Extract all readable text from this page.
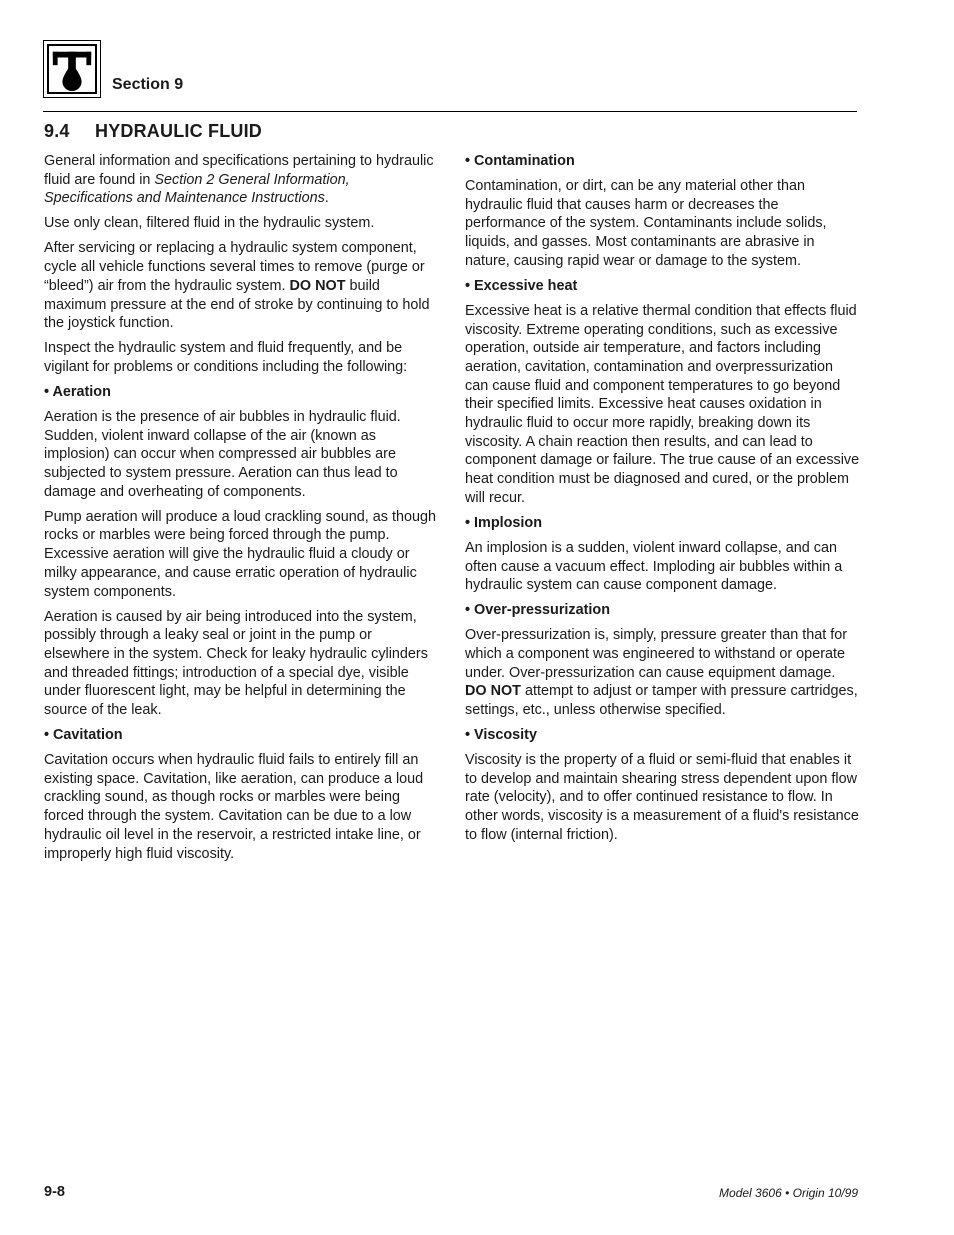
Section 9
9.4 HYDRAULIC FLUID

General information and specifications pertaining to hydraulic fluid are found in Section 2 General Information, Specifications and Maintenance Instructions.

Use only clean, filtered fluid in the hydraulic system.

After servicing or replacing a hydraulic system component, cycle all vehicle functions several times to remove (purge or “bleed”) air from the hydraulic system. DO NOT build maximum pressure at the end of stroke by continuing to hold the joystick function.

Inspect the hydraulic system and fluid frequently, and be vigilant for problems or conditions including the following:

• Aeration

Aeration is the presence of air bubbles in hydraulic fluid. Sudden, violent inward collapse of the air (known as implosion) can occur when compressed air bubbles are subjected to system pressure. Aeration can thus lead to damage and overheating of components.

Pump aeration will produce a loud crackling sound, as though rocks or marbles were being forced through the pump. Excessive aeration will give the hydraulic fluid a cloudy or milky appearance, and cause erratic operation of hydraulic system components.

Aeration is caused by air being introduced into the system, possibly through a leaky seal or joint in the pump or elsewhere in the system. Check for leaky hydraulic cylinders and threaded fittings; introduction of a special dye, visible under fluorescent light, may be helpful in determining the source of the leak.

• Cavitation

Cavitation occurs when hydraulic fluid fails to entirely fill an existing space. Cavitation, like aeration, can produce a loud crackling sound, as though rocks or marbles were being forced through the system. Cavitation can be due to a low hydraulic oil level in the reservoir, a restricted intake line, or improperly high fluid viscosity.

• Contamination

Contamination, or dirt, can be any material other than hydraulic fluid that causes harm or decreases the performance of the system. Contaminants include solids, liquids, and gasses. Most contaminants are abrasive in nature, causing rapid wear or damage to the system.

• Excessive heat

Excessive heat is a relative thermal condition that effects fluid viscosity. Extreme operating conditions, such as excessive operation, outside air temperature, and factors including aeration, cavitation, contamination and overpressurization can cause fluid and component temperatures to go beyond their specified limits. Excessive heat causes oxidation in hydraulic fluid to occur more rapidly, breaking down its viscosity. A chain reaction then results, and can lead to component damage or failure. The true cause of an excessive heat condition must be diagnosed and cured, or the problem will recur.

• Implosion

An implosion is a sudden, violent inward collapse, and can often cause a vacuum effect. Imploding air bubbles within a hydraulic system can cause component damage.

• Over-pressurization

Over-pressurization is, simply, pressure greater than that for which a component was engineered to withstand or operate under. Over-pressurization can cause equipment damage. DO NOT attempt to adjust or tamper with pressure cartridges, settings, etc., unless otherwise specified.

• Viscosity

Viscosity is the property of a fluid or semi-fluid that enables it to develop and maintain shearing stress dependent upon flow rate (velocity), and to offer continued resistance to flow. In other words, viscosity is a measurement of a fluid's resistance to flow (internal friction).

9-8	Model 3606 • Origin 10/99
